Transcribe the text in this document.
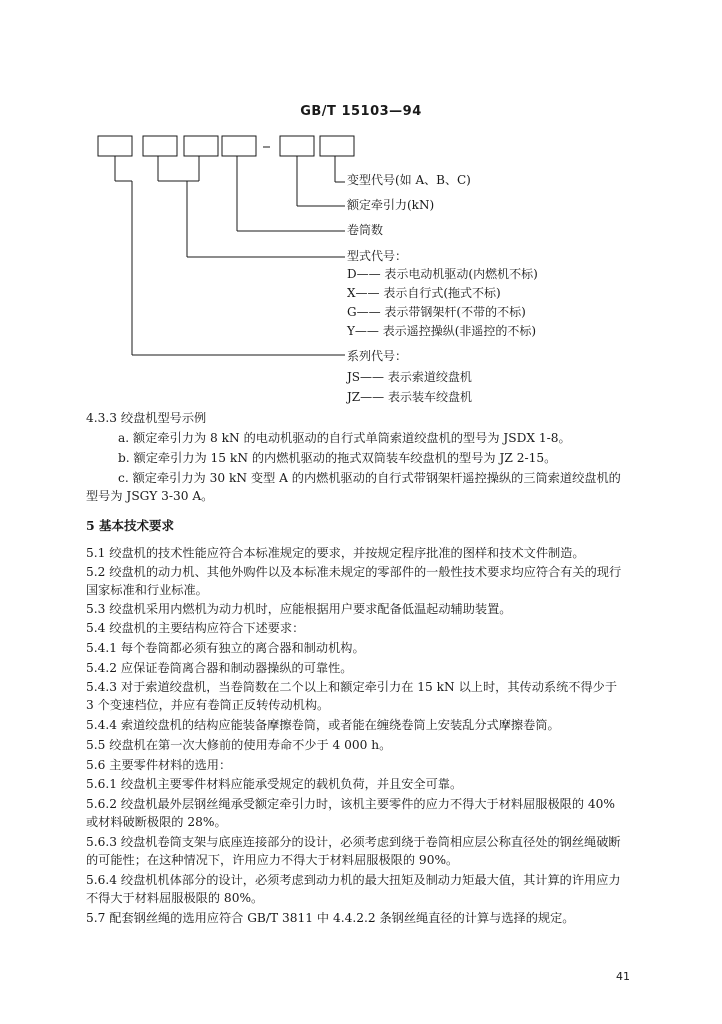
GB/T 15103—94
变型代号(如 A、B、C)
额定牵引力(kN)
卷筒数
型式代号：
D—— 表示电动机驱动(内燃机不标)
X—— 表示自行式(拖式不标)
G—— 表示带钢架杆(不带的不标)
Y—— 表示遥控操纵(非遥控的不标)
系列代号：
JS—— 表示索道绞盘机
JZ—— 表示装车绞盘机
4.3.3 绞盘机型号示例
a. 额定牵引力为 8 kN 的电动机驱动的自行式单筒索道绞盘机的型号为 JSDX 1-8。
b. 额定牵引力为 15 kN 的内燃机驱动的拖式双筒装车绞盘机的型号为 JZ 2-15。
c. 额定牵引力为 30 kN 变型 A 的内燃机驱动的自行式带钢架杆遥控操纵的三筒索道绞盘机的
型号为 JSGY 3-30 A。
5 基本技术要求
5.1 绞盘机的技术性能应符合本标准规定的要求，并按规定程序批准的图样和技术文件制造。
5.2 绞盘机的动力机、其他外购件以及本标准未规定的零部件的一般性技术要求均应符合有关的现行
国家标准和行业标准。
5.3 绞盘机采用内燃机为动力机时，应能根据用户要求配备低温起动辅助装置。
5.4 绞盘机的主要结构应符合下述要求：
5.4.1 每个卷筒都必须有独立的离合器和制动机构。
5.4.2 应保证卷筒离合器和制动器操纵的可靠性。
5.4.3 对于索道绞盘机，当卷筒数在二个以上和额定牵引力在 15 kN 以上时，其传动系统不得少于
3 个变速档位，并应有卷筒正反转传动机构。
5.4.4 索道绞盘机的结构应能装备摩擦卷筒，或者能在缠绕卷筒上安装乱分式摩擦卷筒。
5.5 绞盘机在第一次大修前的使用寿命不少于 4 000 h。
5.6 主要零件材料的选用：
5.6.1 绞盘机主要零件材料应能承受规定的载机负荷，并且安全可靠。
5.6.2 绞盘机最外层钢丝绳承受额定牵引力时，该机主要零件的应力不得大于材料屈服极限的 40%
或材料破断极限的 28%。
5.6.3 绞盘机卷筒支架与底座连接部分的设计，必须考虑到绕于卷筒相应层公称直径处的钢丝绳破断
的可能性；在这种情况下，许用应力不得大于材料屈服极限的 90%。
5.6.4 绞盘机机体部分的设计，必须考虑到动力机的最大扭矩及制动力矩最大值，其计算的许用应力
不得大于材料屈服极限的 80%。
5.7 配套钢丝绳的选用应符合 GB/T 3811 中 4.4.2.2 条钢丝绳直径的计算与选择的规定。
41
